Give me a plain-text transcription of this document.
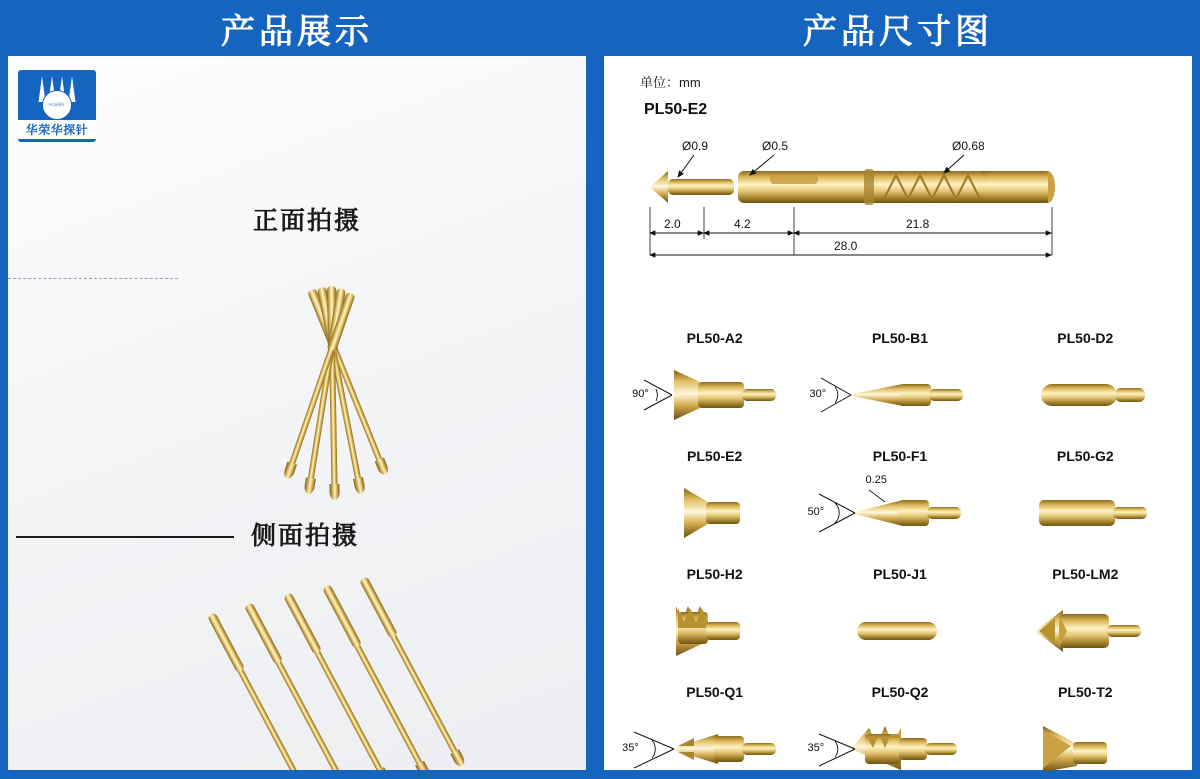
产品展示	产品尺寸图
PCB探针
华荣华探针
正面拍摄
侧面拍摄
单位：mm
PL50-E2
Ø0.9	Ø0.5	Ø0.68
2.0	4.2	21.8
28.0
PL50-A2
90°
PL50-B1
30°
PL50-D2
PL50-E2	PL50-F1
50°
0.25
PL50-G2
PL50-H2	PL50-J1	PL50-LM2
PL50-Q1
35°
PL50-Q2
35°
PL50-T2
